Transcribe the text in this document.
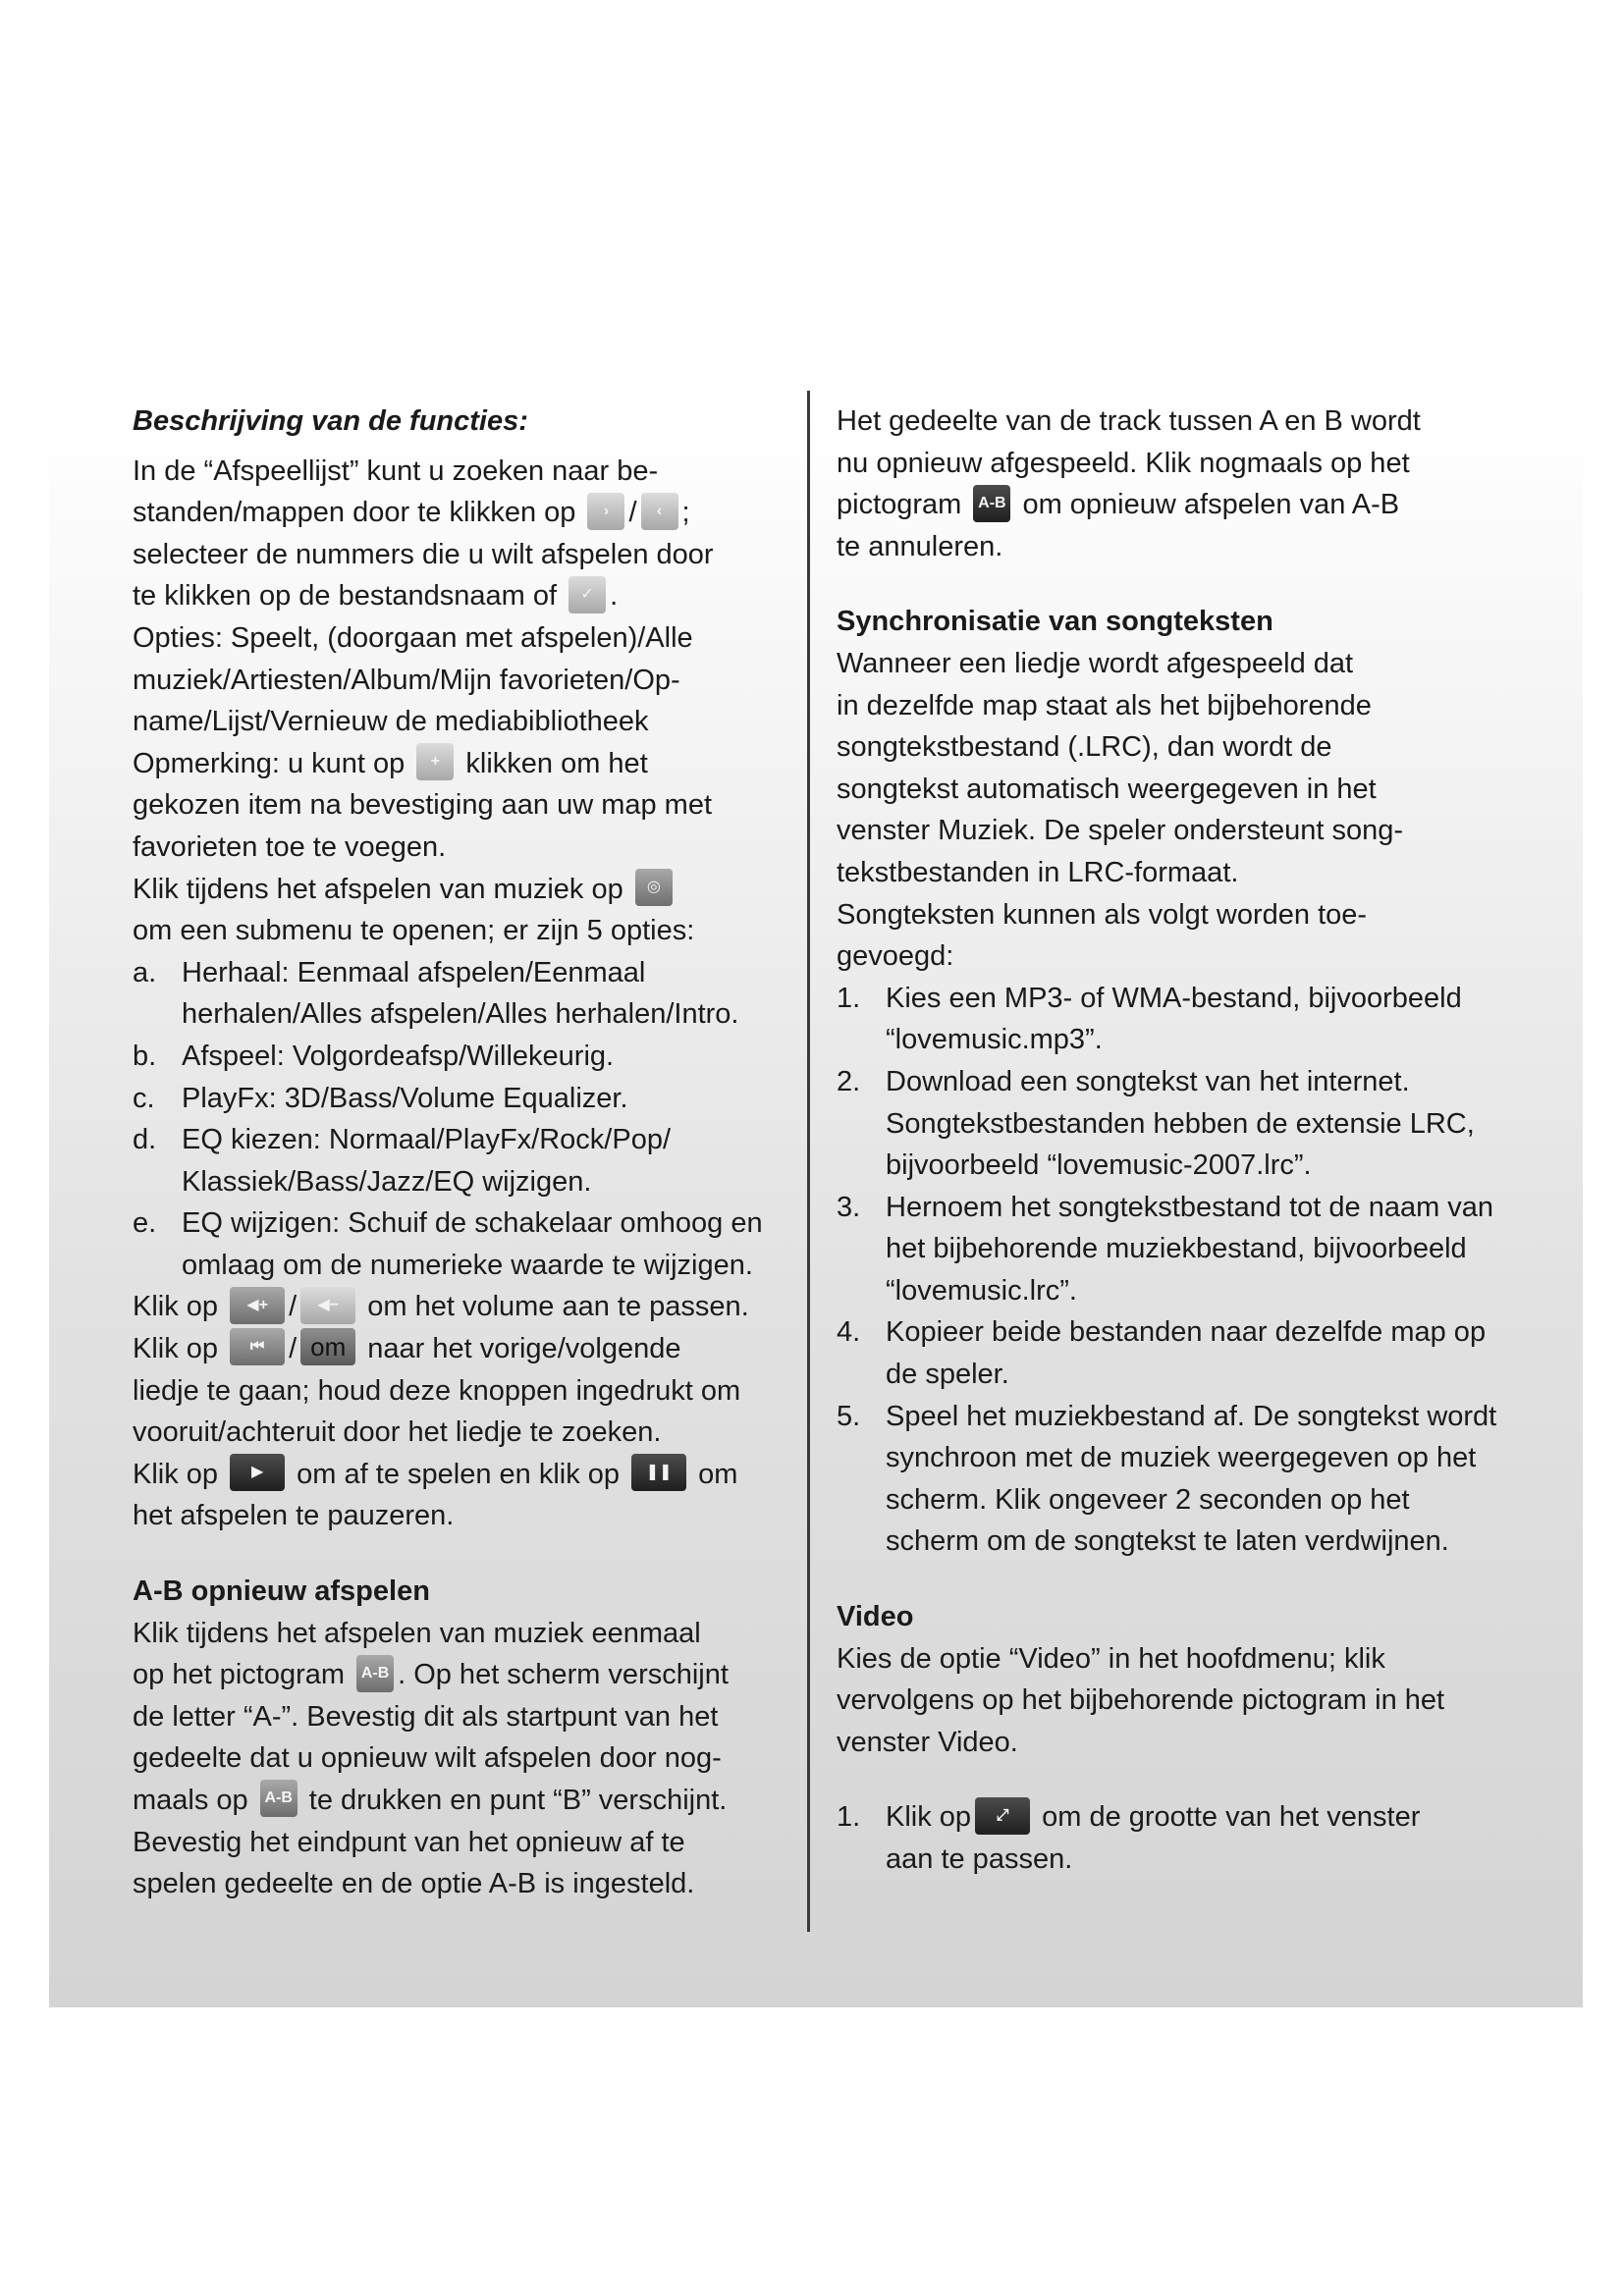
Beschrijving van de functies:

In de “Afspeellijst” kunt u zoeken naar be-
standen/mappen door te klikken op › / ‹ ;
selecteer de nummers die u wilt afspelen door
te klikken op de bestandsnaam of ✓ .

Opties: Speelt, (doorgaan met afspelen)/Alle
muziek/Artiesten/Album/Mijn favorieten/Op-
name/Lijst/Vernieuw de mediabibliotheek

Opmerking: u kunt op + klikken om het
gekozen item na bevestiging aan uw map met
favorieten toe te voegen.

Klik tijdens het afspelen van muziek op ◎
om een submenu te openen; er zijn 5 opties:

a. Herhaal: Eenmaal afspelen/Eenmaal herhalen/Alles afspelen/Alles herhalen/Intro.
b. Afspeel: Volgordeafsp/Willekeurig.
c. PlayFx: 3D/Bass/Volume Equalizer.
d. EQ kiezen: Normaal/PlayFx/Rock/Pop/ Klassiek/Bass/Jazz/EQ wijzigen.
e. EQ wijzigen: Schuif de schakelaar omhoog en omlaag om de numerieke waarde te wijzigen.

Klik op ◀+ / ◀− om het volume aan te passen.

Klik op ⏮ / om naar het vorige/volgende
liedje te gaan; houd deze knoppen ingedrukt om
vooruit/achteruit door het liedje te zoeken.

Klik op ▶	om af te spelen en klik op ❚❚	om
het afspelen te pauzeren.

A-B opnieuw afspelen

Klik tijdens het afspelen van muziek eenmaal
op het pictogram A-B . Op het scherm verschijnt
de letter “A-”. Bevestig dit als startpunt van het
gedeelte dat u opnieuw wilt afspelen door nog-
maals op A-B te drukken en punt “B” verschijnt.
Bevestig het eindpunt van het opnieuw af te
spelen gedeelte en de optie A-B is ingesteld.

Het gedeelte van de track tussen A en B wordt
nu opnieuw afgespeeld. Klik nogmaals op het
pictogram A-B om opnieuw afspelen van A-B
te annuleren.

Synchronisatie van songteksten

Wanneer een liedje wordt afgespeeld dat
in dezelfde map staat als het bijbehorende
songtekstbestand (.LRC), dan wordt de
songtekst automatisch weergegeven in het
venster Muziek. De speler ondersteunt song-
tekstbestanden in LRC-formaat.
Songteksten kunnen als volgt worden toe-
gevoegd:

1. Kies een MP3- of WMA-bestand, bijvoorbeeld “lovemusic.mp3”.
2. Download een songtekst van het internet. Songtekstbestanden hebben de extensie LRC, bijvoorbeeld “lovemusic-2007.lrc”.
3. Hernoem het songtekstbestand tot de naam van het bijbehorende muziekbestand, bijvoorbeeld “lovemusic.lrc”.
4. Kopieer beide bestanden naar dezelfde map op de speler.
5. Speel het muziekbestand af. De songtekst wordt synchroon met de muziek weergegeven op het scherm. Klik ongeveer 2 seconden op het scherm om de songtekst te laten verdwijnen.

Video

Kies de optie “Video” in het hoofdmenu; klik
vervolgens op het bijbehorende pictogram in het
venster Video.

1. Klik op ⤢ om de grootte van het venster
aan te passen.
